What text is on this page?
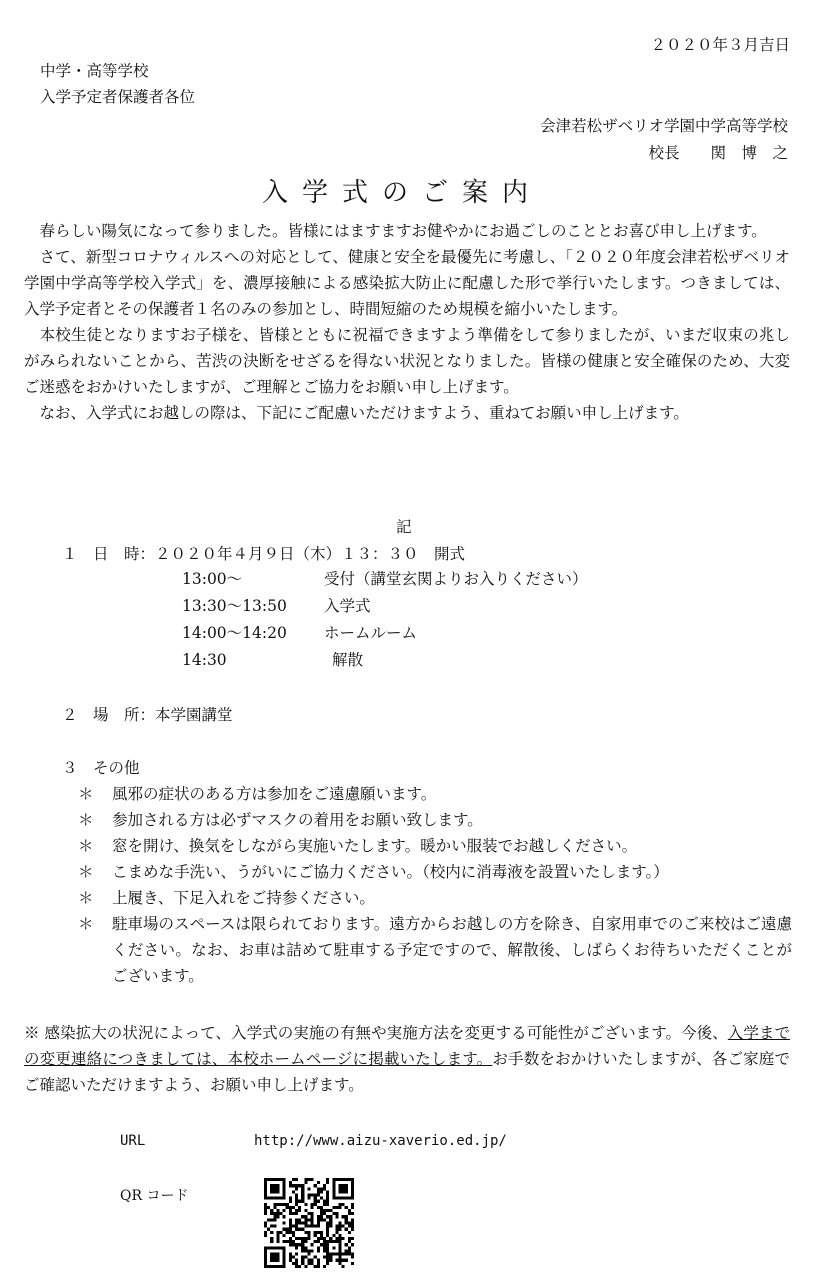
２０２０年３月吉日
中学・高等学校
入学予定者保護者各位
会津若松ザベリオ学園中学高等学校
校長　　関　博　之
入学式のご案内

　春らしい陽気になって参りました。皆様にはますますお健やかにお過ごしのこととお喜び申し上げます。

　さて、新型コロナウィルスへの対応として、健康と安全を最優先に考慮し、「２０２０年度会津若松ザベリオ学園中学高等学校入学式」を、濃厚接触による感染拡大防止に配慮した形で挙行いたします。つきましては、入学予定者とその保護者１名のみの参加とし、時間短縮のため規模を縮小いたします。

　本校生徒となりますお子様を、皆様とともに祝福できますよう準備をして参りましたが、いまだ収束の兆しがみられないことから、苦渋の決断をせざるを得ない状況となりました。皆様の健康と安全確保のため、大変ご迷惑をおかけいたしますが、ご理解とご協力をお願い申し上げます。

　なお、入学式にお越しの際は、下記にご配慮いただけますよう、重ねてお願い申し上げます。

記
１　日　時：２０２０年４月９日（木）１３：３０　開式
13:00～	受付（講堂玄関よりお入りください）
13:30～13:50 入学式
14:00～14:20 ホームルーム
14:30	解散
２　場　所：本学園講堂
３　その他
＊ 風邪の症状のある方は参加をご遠慮願います。
＊ 参加される方は必ずマスクの着用をお願い致します。
＊ 窓を開け、換気をしながら実施いたします。暖かい服装でお越しください。
＊ こまめな手洗い、うがいにご協力ください。（校内に消毒液を設置いたします。）
＊ 上履き、下足入れをご持参ください。
＊ 駐車場のスペースは限られております。遠方からお越しの方を除き、自家用車でのご来校はご遠慮ください。なお、お車は詰めて駐車する予定ですので、解散後、しばらくお待ちいただくことがございます。
※ 感染拡大の状況によって、入学式の実施の有無や実施方法を変更する可能性がございます。今後、入学までの変更連絡につきましては、本校ホームページに掲載いたします。お手数をおかけいたしますが、各ご家庭でご確認いただけますよう、お願い申し上げます。
URL	http://www.aizu-xaverio.ed.jp/
QR コード
